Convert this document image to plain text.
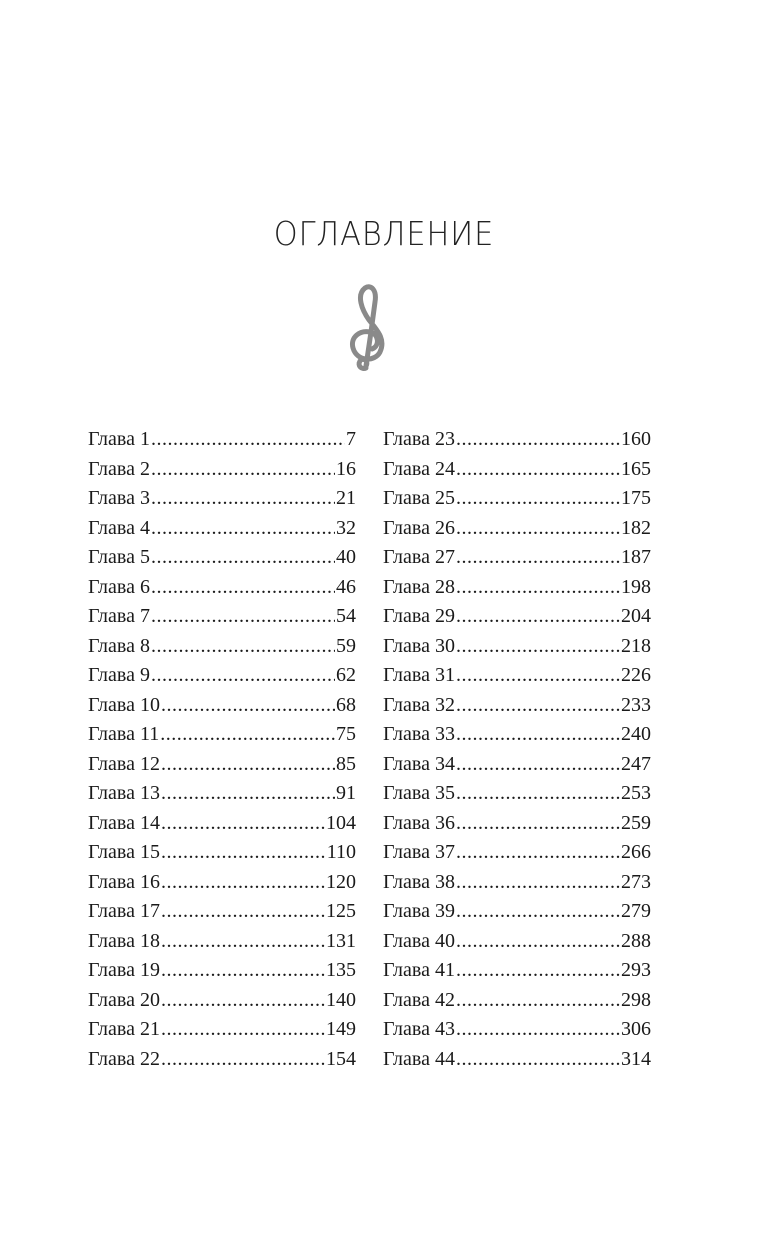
ОГЛАВЛЕНИЕ
Глава 1 .....	7
Глава 2 .....	16
Глава 3 .....	21
Глава 4 .....	32
Глава 5 .....	40
Глава 6 .....	46
Глава 7 .....	54
Глава 8 .....	59
Глава 9 .....	62
Глава 10 .....	68
Глава 11 .....	75
Глава 12 .....	85
Глава 13 .....	91
Глава 14 .....	104
Глава 15 .....	110
Глава 16 .....	120
Глава 17 .....	125
Глава 18 .....	131
Глава 19 .....	135
Глава 20 .....	140
Глава 21 .....	149
Глава 22 .....	154
Глава 23 .....	160
Глава 24 .....	165
Глава 25 .....	175
Глава 26 .....	182
Глава 27 .....	187
Глава 28 .....	198
Глава 29 .....	204
Глава 30 .....	218
Глава 31 .....	226
Глава 32 .....	233
Глава 33 .....	240
Глава 34 .....	247
Глава 35 .....	253
Глава 36 .....	259
Глава 37 .....	266
Глава 38 .....	273
Глава 39 .....	279
Глава 40 .....	288
Глава 41 .....	293
Глава 42 .....	298
Глава 43 .....	306
Глава 44 .....	314
